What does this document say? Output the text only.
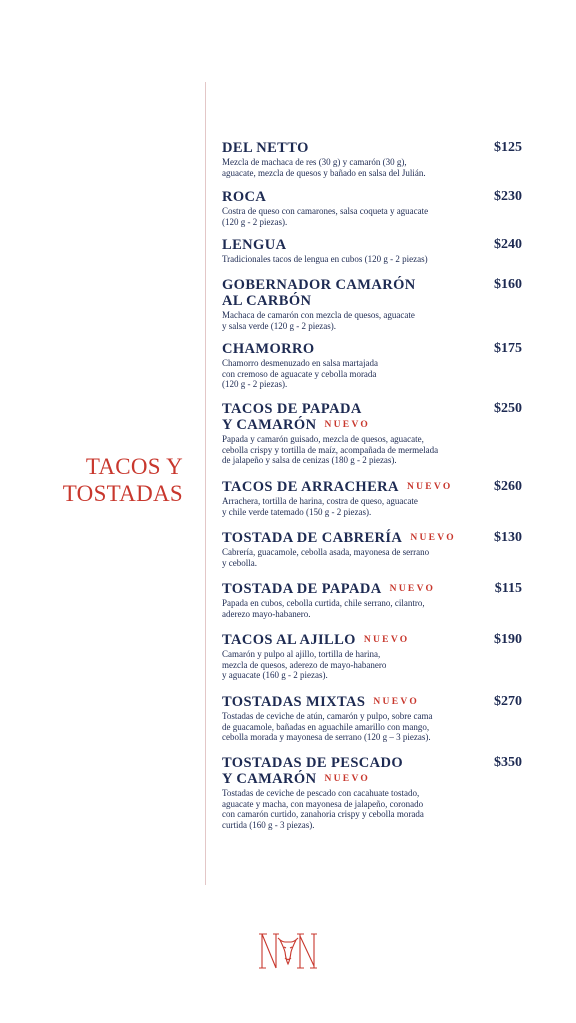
TACOS Y
TOSTADAS
DEL NETTO	$125
Mezcla de machaca de res (30 g) y camarón (30 g),
aguacate, mezcla de quesos y bañado en salsa del Julián.
ROCA	$230
Costra de queso con camarones, salsa coqueta y aguacate
(120 g - 2 piezas).
LENGUA	$240
Tradicionales tacos de lengua en cubos (120 g - 2 piezas)
GOBERNADOR CAMARÓN
AL CARBÓN
$160
Machaca de camarón con mezcla de quesos, aguacate
y salsa verde (120 g - 2 piezas).
CHAMORRO	$175
Chamorro desmenuzado en salsa martajada
con cremoso de aguacate y cebolla morada
(120 g - 2 piezas).
TACOS DE PAPADA
Y CAMARÓN NUEVO
$250
Papada y camarón guisado, mezcla de quesos, aguacate,
cebolla crispy y tortilla de maíz, acompañada de mermelada
de jalapeño y salsa de cenizas (180 g - 2 piezas).
TACOS DE ARRACHERA NUEVO	$260
Arrachera, tortilla de harina, costra de queso, aguacate
y chile verde tatemado (150 g - 2 piezas).
TOSTADA DE CABRERÍA NUEVO	$130
Cabrería, guacamole, cebolla asada, mayonesa de serrano
y cebolla.
TOSTADA DE PAPADA NUEVO	$115
Papada en cubos, cebolla curtida, chile serrano, cilantro,
aderezo mayo-habanero.
TACOS AL AJILLO NUEVO	$190
Camarón y pulpo al ajillo, tortilla de harina,
mezcla de quesos, aderezo de mayo-habanero
y aguacate (160 g - 2 piezas).
TOSTADAS MIXTAS NUEVO	$270
Tostadas de ceviche de atún, camarón y pulpo, sobre cama
de guacamole, bañadas en aguachile amarillo con mango,
cebolla morada y mayonesa de serrano (120 g – 3 piezas).
TOSTADAS DE PESCADO
Y CAMARÓN NUEVO
$350
Tostadas de ceviche de pescado con cacahuate tostado,
aguacate y macha, con mayonesa de jalapeño, coronado
con camarón curtido, zanahoria crispy y cebolla morada
curtida (160 g - 3 piezas).
